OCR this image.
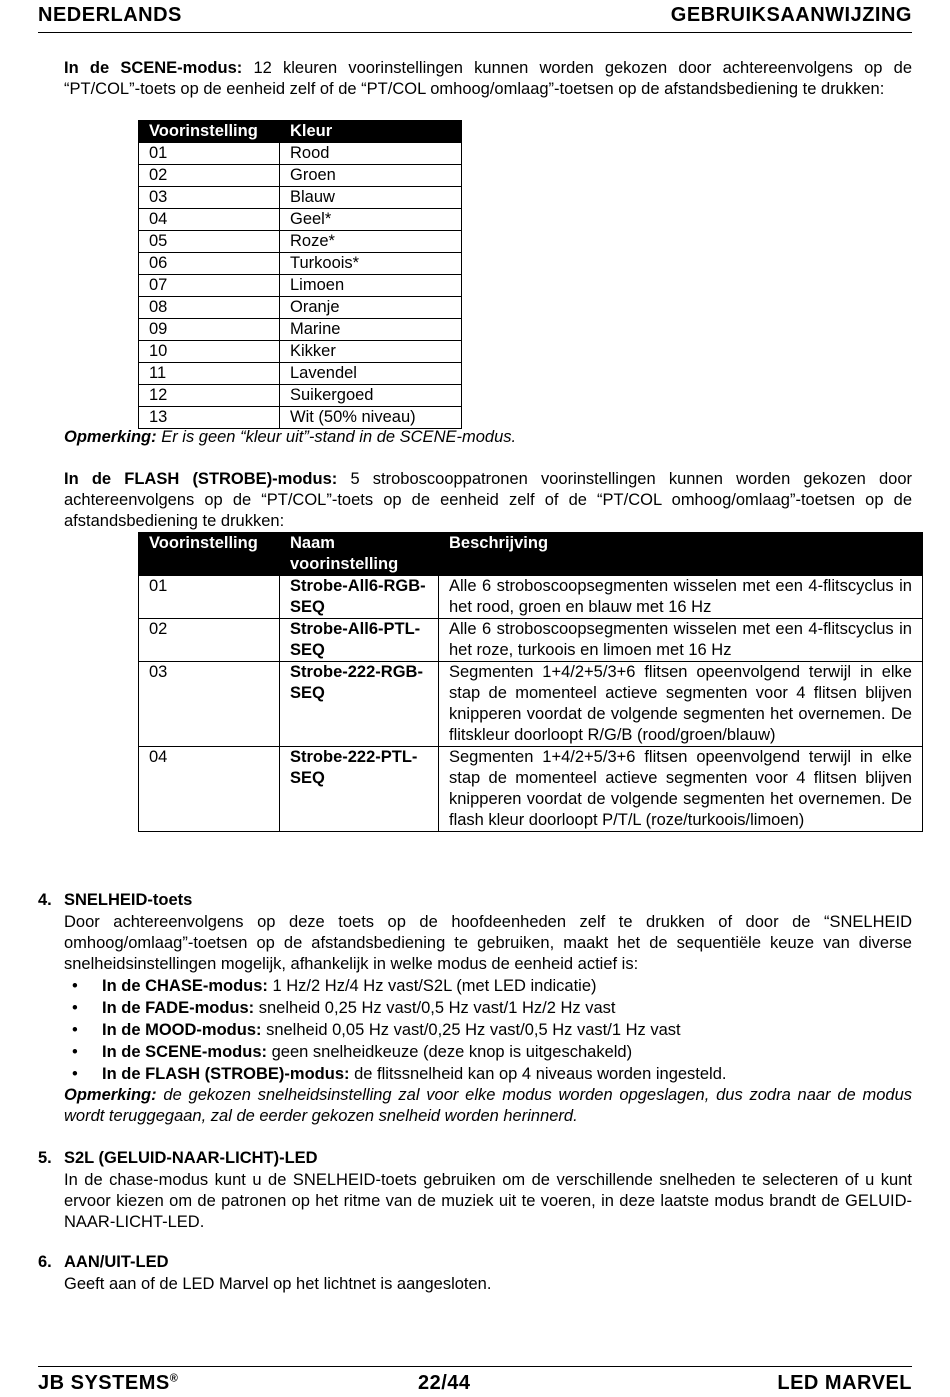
NEDERLANDS	GEBRUIKSAANWIJZING
In de SCENE-modus: 12 kleuren voorinstellingen kunnen worden gekozen door achtereenvolgens op de “PT/COL”-toets op de eenheid zelf of de “PT/COL omhoog/omlaag”-toetsen op de afstandsbediening te drukken:
Voorinstelling	Kleur
01	Rood
02	Groen
03	Blauw
04	Geel*
05	Roze*
06	Turkoois*
07	Limoen
08	Oranje
09	Marine
10	Kikker
11	Lavendel
12	Suikergoed
13	Wit (50% niveau)
Opmerking: Er is geen “kleur uit”-stand in de SCENE-modus.
In de FLASH (STROBE)-modus: 5 stroboscooppatronen voorinstellingen kunnen worden gekozen door achtereenvolgens op de “PT/COL”-toets op de eenheid zelf of de “PT/COL omhoog/omlaag”-toetsen op de afstandsbediening te drukken:
Voorinstelling	Naam voorinstelling	Beschrijving
01	Strobe-All6-RGB-SEQ	Alle 6 stroboscoopsegmenten wisselen met een 4-flitscyclus in het rood, groen en blauw met 16 Hz
02	Strobe-All6-PTL-SEQ	Alle 6 stroboscoopsegmenten wisselen met een 4-flitscyclus in het roze, turkoois en limoen met 16 Hz
03	Strobe-222-RGB-SEQ	Segmenten 1+4/2+5/3+6 flitsen opeenvolgend terwijl in elke stap de momenteel actieve segmenten voor 4 flitsen blijven knipperen voordat de volgende segmenten het overnemen. De flitskleur doorloopt R/G/B (rood/groen/blauw)
04	Strobe-222-PTL-SEQ	Segmenten 1+4/2+5/3+6 flitsen opeenvolgend terwijl in elke stap de momenteel actieve segmenten voor 4 flitsen blijven knipperen voordat de volgende segmenten het overnemen. De flash kleur doorloopt P/T/L (roze/turkoois/limoen)
4. SNELHEID-toets
Door achtereenvolgens op deze toets op de hoofdeenheden zelf te drukken of door de “SNELHEID omhoog/omlaag”-toetsen op de afstandsbediening te gebruiken, maakt het de sequentiële keuze van diverse snelheidsinstellingen mogelijk, afhankelijk in welke modus de eenheid actief is:
• In de CHASE-modus: 1 Hz/2 Hz/4 Hz vast/S2L (met LED indicatie)
• In de FADE-modus: snelheid 0,25 Hz vast/0,5 Hz vast/1 Hz/2 Hz vast
• In de MOOD-modus: snelheid 0,05 Hz vast/0,25 Hz vast/0,5 Hz vast/1 Hz vast
• In de SCENE-modus: geen snelheidkeuze (deze knop is uitgeschakeld)
• In de FLASH (STROBE)-modus: de flitssnelheid kan op 4 niveaus worden ingesteld.
Opmerking: de gekozen snelheidsinstelling zal voor elke modus worden opgeslagen, dus zodra naar de modus wordt teruggegaan, zal de eerder gekozen snelheid worden herinnerd.
5. S2L (GELUID-NAAR-LICHT)-LED
In de chase-modus kunt u de SNELHEID-toets gebruiken om de verschillende snelheden te selecteren of u kunt ervoor kiezen om de patronen op het ritme van de muziek uit te voeren, in deze laatste modus brandt de GELUID-NAAR-LICHT-LED.
6. AAN/UIT-LED
Geeft aan of de LED Marvel op het lichtnet is aangesloten.
JB SYSTEMS®	22/44	LED MARVEL
